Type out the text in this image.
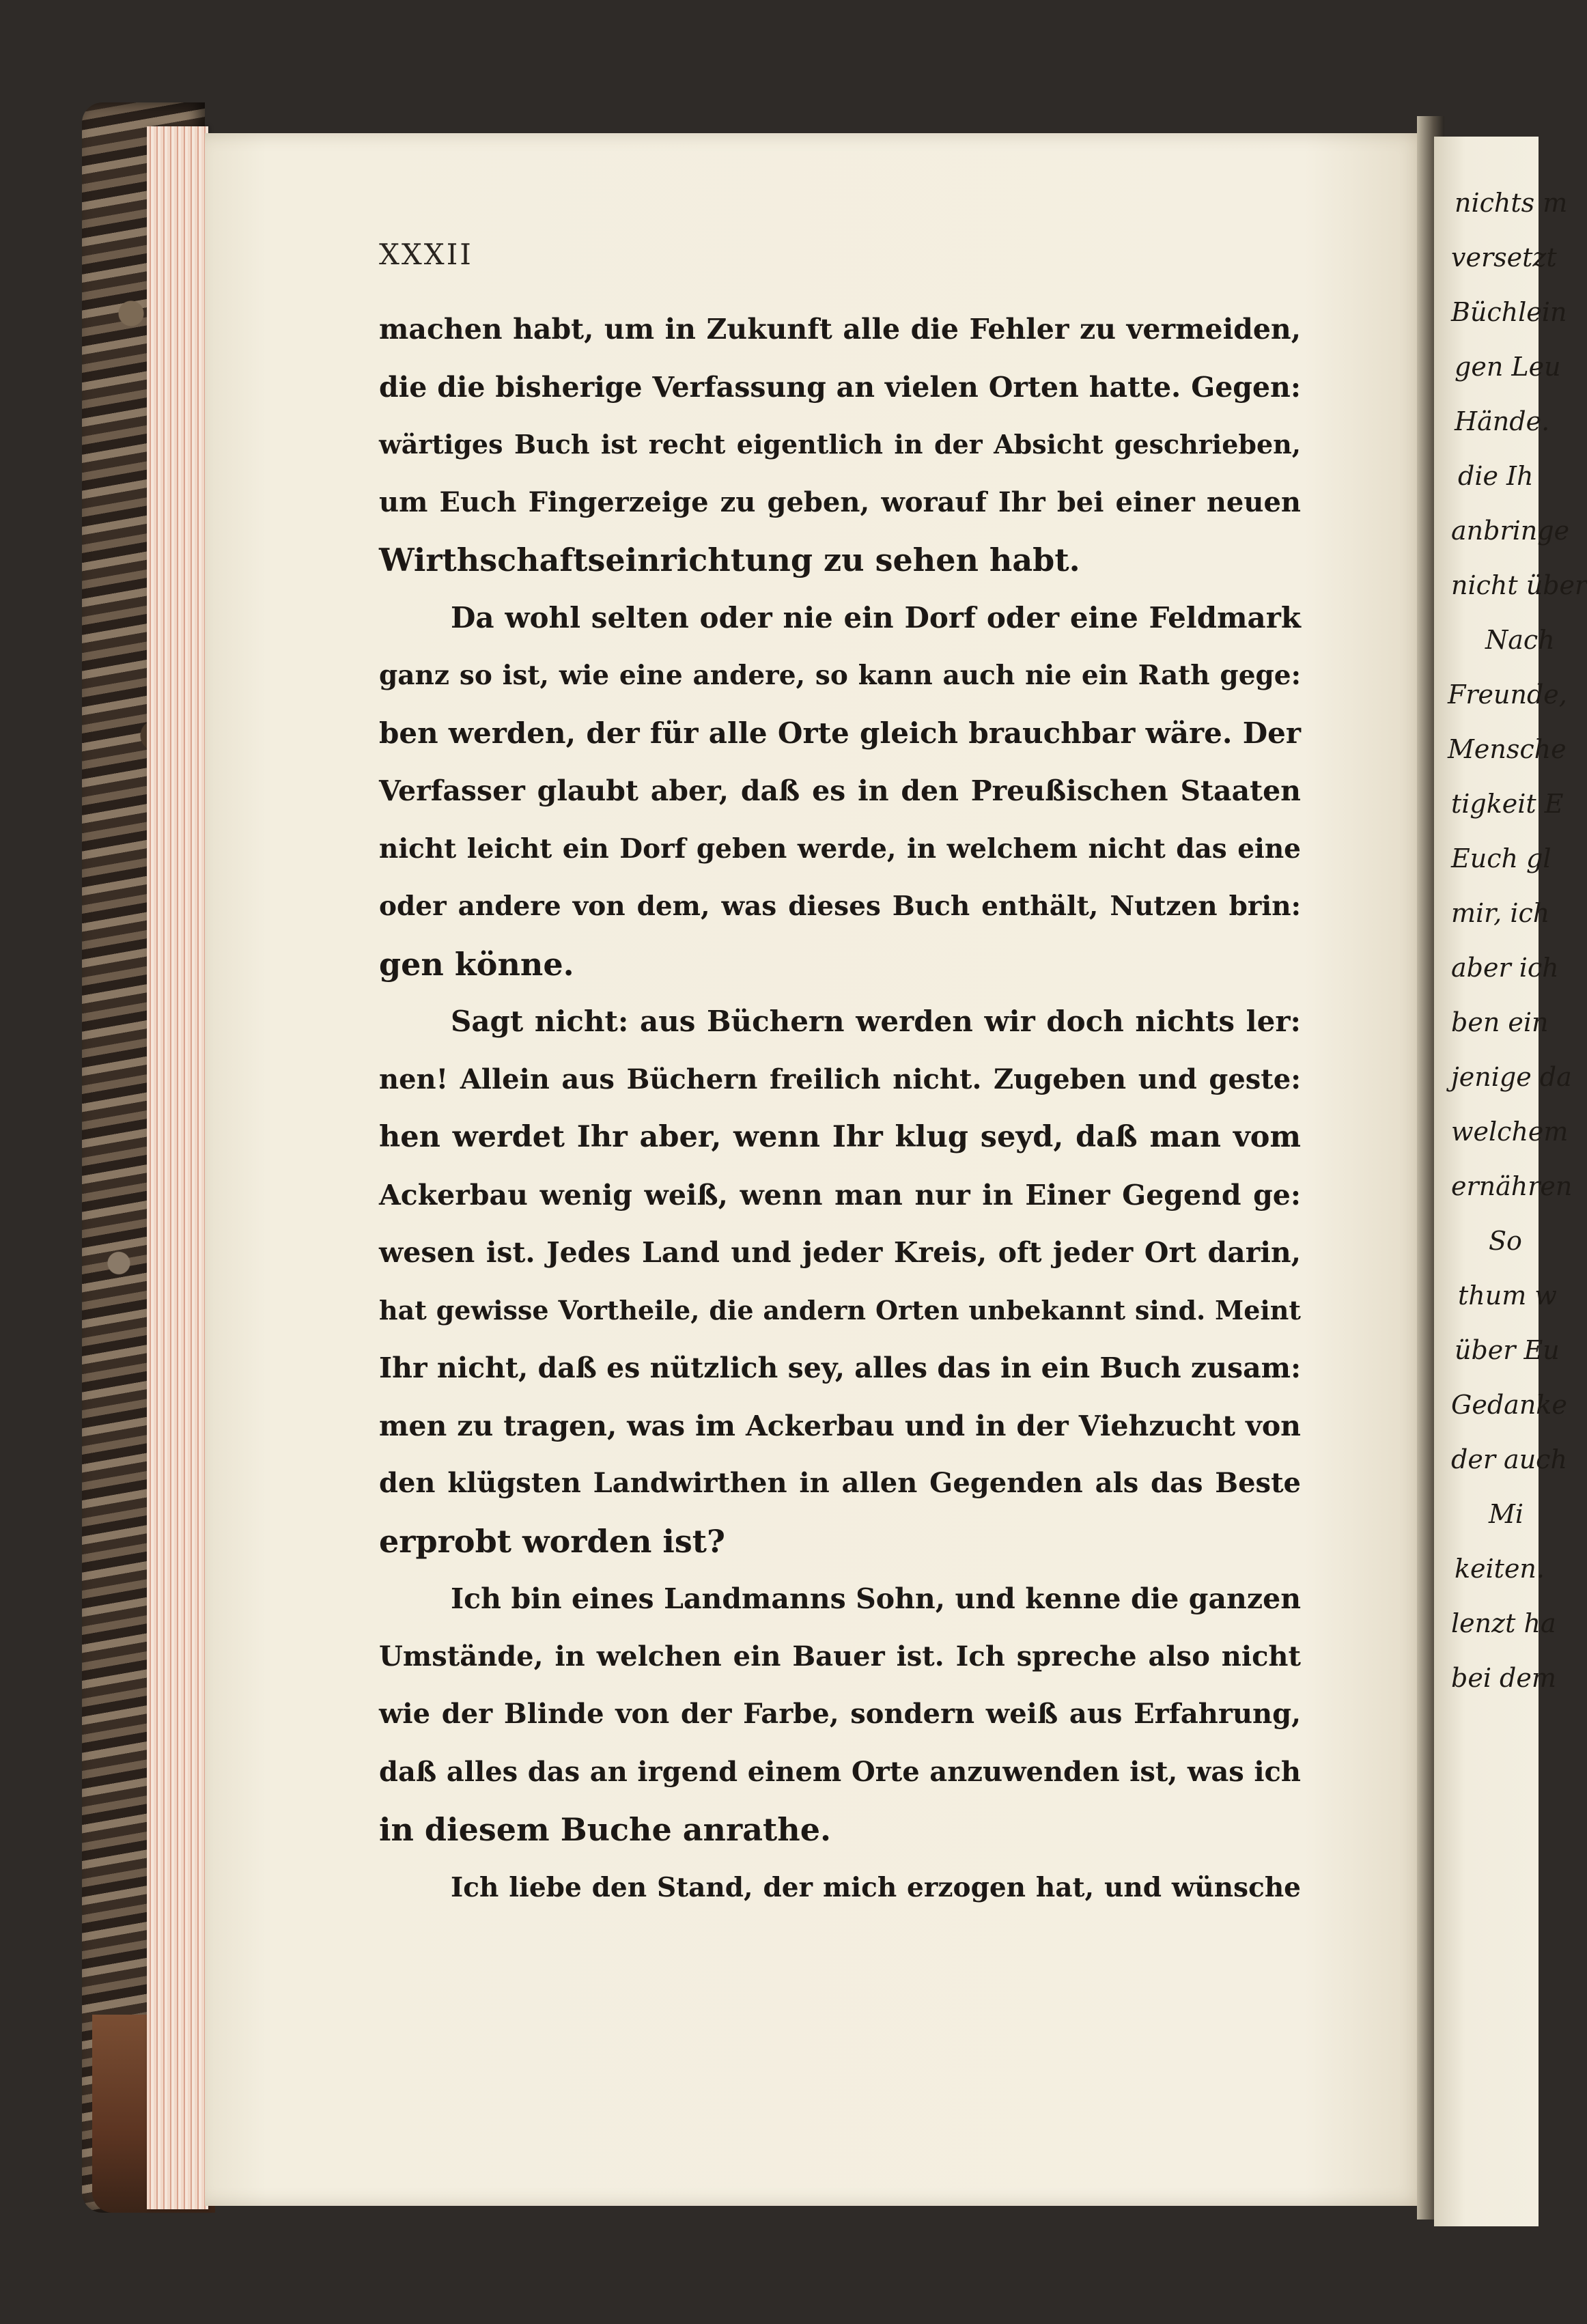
XXXII
machen habt, um in Zukunft alle die Fehler zu vermeiden,
die die bisherige Verfassung an vielen Orten hatte. Gegen:
wärtiges Buch ist recht eigentlich in der Absicht geschrieben,
um Euch Fingerzeige zu geben, worauf Ihr bei einer neuen
Wirthschaftseinrichtung zu sehen habt.
Da wohl selten oder nie ein Dorf oder eine Feldmark
ganz so ist, wie eine andere, so kann auch nie ein Rath gege:
ben werden, der für alle Orte gleich brauchbar wäre. Der
Verfasser glaubt aber, daß es in den Preußischen Staaten
nicht leicht ein Dorf geben werde, in welchem nicht das eine
oder andere von dem, was dieses Buch enthält, Nutzen brin:
gen könne.
Sagt nicht: aus Büchern werden wir doch nichts ler:
nen! Allein aus Büchern freilich nicht. Zugeben und geste:
hen werdet Ihr aber, wenn Ihr klug seyd, daß man vom
Ackerbau wenig weiß, wenn man nur in Einer Gegend ge:
wesen ist. Jedes Land und jeder Kreis, oft jeder Ort darin,
hat gewisse Vortheile, die andern Orten unbekannt sind. Meint
Ihr nicht, daß es nützlich sey, alles das in ein Buch zusam:
men zu tragen, was im Ackerbau und in der Viehzucht von
den klügsten Landwirthen in allen Gegenden als das Beste
erprobt worden ist?
Ich bin eines Landmanns Sohn, und kenne die ganzen
Umstände, in welchen ein Bauer ist. Ich spreche also nicht
wie der Blinde von der Farbe, sondern weiß aus Erfahrung,
daß alles das an irgend einem Orte anzuwenden ist, was ich
in diesem Buche anrathe.
Ich liebe den Stand, der mich erzogen hat, und wünsche
nichts m
versetzt
Büchlein
gen Leu
Hände.
die Ih
anbringe
nicht über
Nach
Freunde,
Mensche
tigkeit E
Euch gl
mir, ich
aber ich
ben ein
jenige da
welchem
ernähren
So
thum w
über Eu
Gedanke
der auch
Mi
keiten.
lenzt ha
bei dem
